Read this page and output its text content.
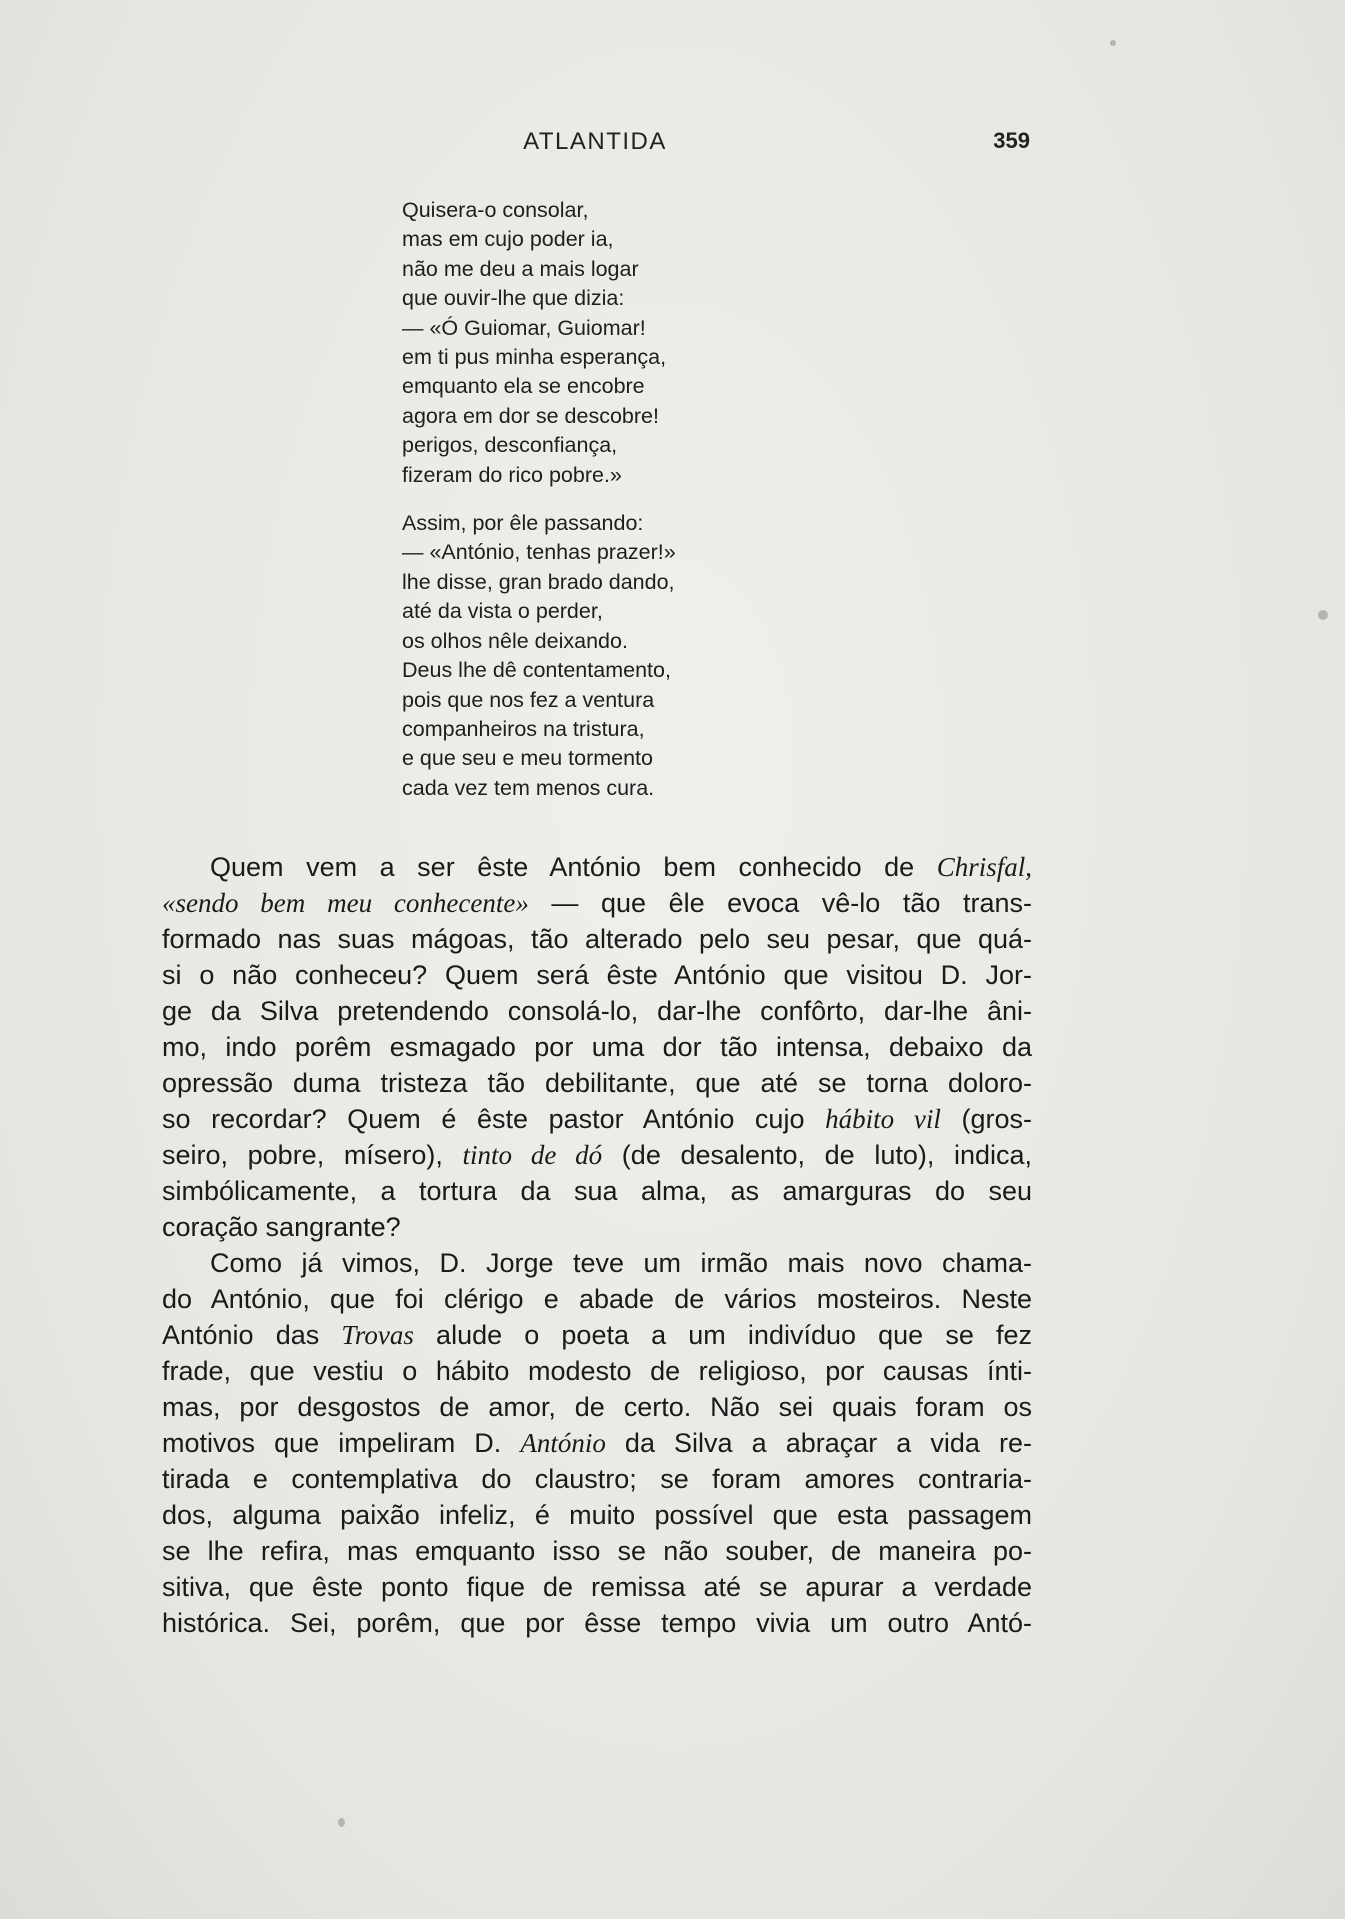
ATLANTIDA	359

Quisera-o consolar,
mas em cujo poder ia,
não me deu a mais logar
que ouvir-lhe que dizia:
— «Ó Guiomar, Guiomar!
em ti pus minha esperança,
emquanto ela se encobre
agora em dor se descobre!
perigos, desconfiança,
fizeram do rico pobre.»

Assim, por êle passando:
— «António, tenhas prazer!»
lhe disse, gran brado dando,
até da vista o perder,
os olhos nêle deixando.
Deus lhe dê contentamento,
pois que nos fez a ventura
companheiros na tristura,
e que seu e meu tormento
cada vez tem menos cura.

Quem vem a ser êste António bem conhecido de Chrisfal,
«sendo bem meu conhecente» — que êle evoca vê-lo tão trans-
formado nas suas mágoas, tão alterado pelo seu pesar, que quá-
si o não conheceu? Quem será êste António que visitou D. Jor-
ge da Silva pretendendo consolá-lo, dar-lhe confôrto, dar-lhe âni-
mo, indo porêm esmagado por uma dor tão intensa, debaixo da
opressão duma tristeza tão debilitante, que até se torna doloro-
so recordar? Quem é êste pastor António cujo hábito vil (gros-
seiro, pobre, mísero), tinto de dó (de desalento, de luto), indica,
simbólicamente, a tortura da sua alma, as amarguras do seu
coração sangrante?

Como já vimos, D. Jorge teve um irmão mais novo chama-
do António, que foi clérigo e abade de vários mosteiros. Neste
António das Trovas alude o poeta a um indivíduo que se fez
frade, que vestiu o hábito modesto de religioso, por causas ínti-
mas, por desgostos de amor, de certo. Não sei quais foram os
motivos que impeliram D. António da Silva a abraçar a vida re-
tirada e contemplativa do claustro; se foram amores contraria-
dos, alguma paixão infeliz, é muito possível que esta passagem
se lhe refira, mas emquanto isso se não souber, de maneira po-
sitiva, que êste ponto fique de remissa até se apurar a verdade
histórica. Sei, porêm, que por êsse tempo vivia um outro Antó-
